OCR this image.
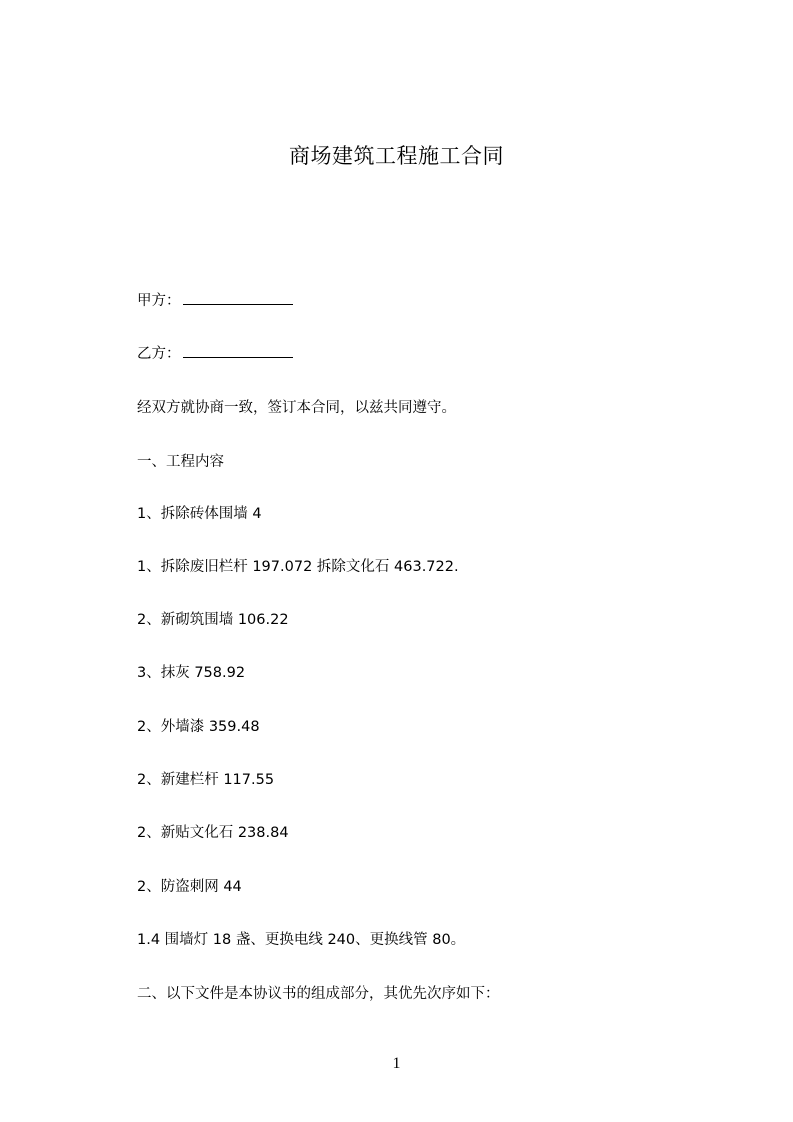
商场建筑工程施工合同
甲方：
乙方：
经双方就协商一致，签订本合同，以兹共同遵守。
一、工程内容
1、拆除砖体围墙 4
1、拆除废旧栏杆 197.072 拆除文化石 463.722.
2、新砌筑围墙 106.22
3、抹灰 758.92
2、外墙漆 359.48
2、新建栏杆 117.55
2、新贴文化石 238.84
2、防盗刺网 44
1.4 围墙灯 18 盏、更换电线 240、更换线管 80。
二、以下文件是本协议书的组成部分，其优先次序如下：
1
